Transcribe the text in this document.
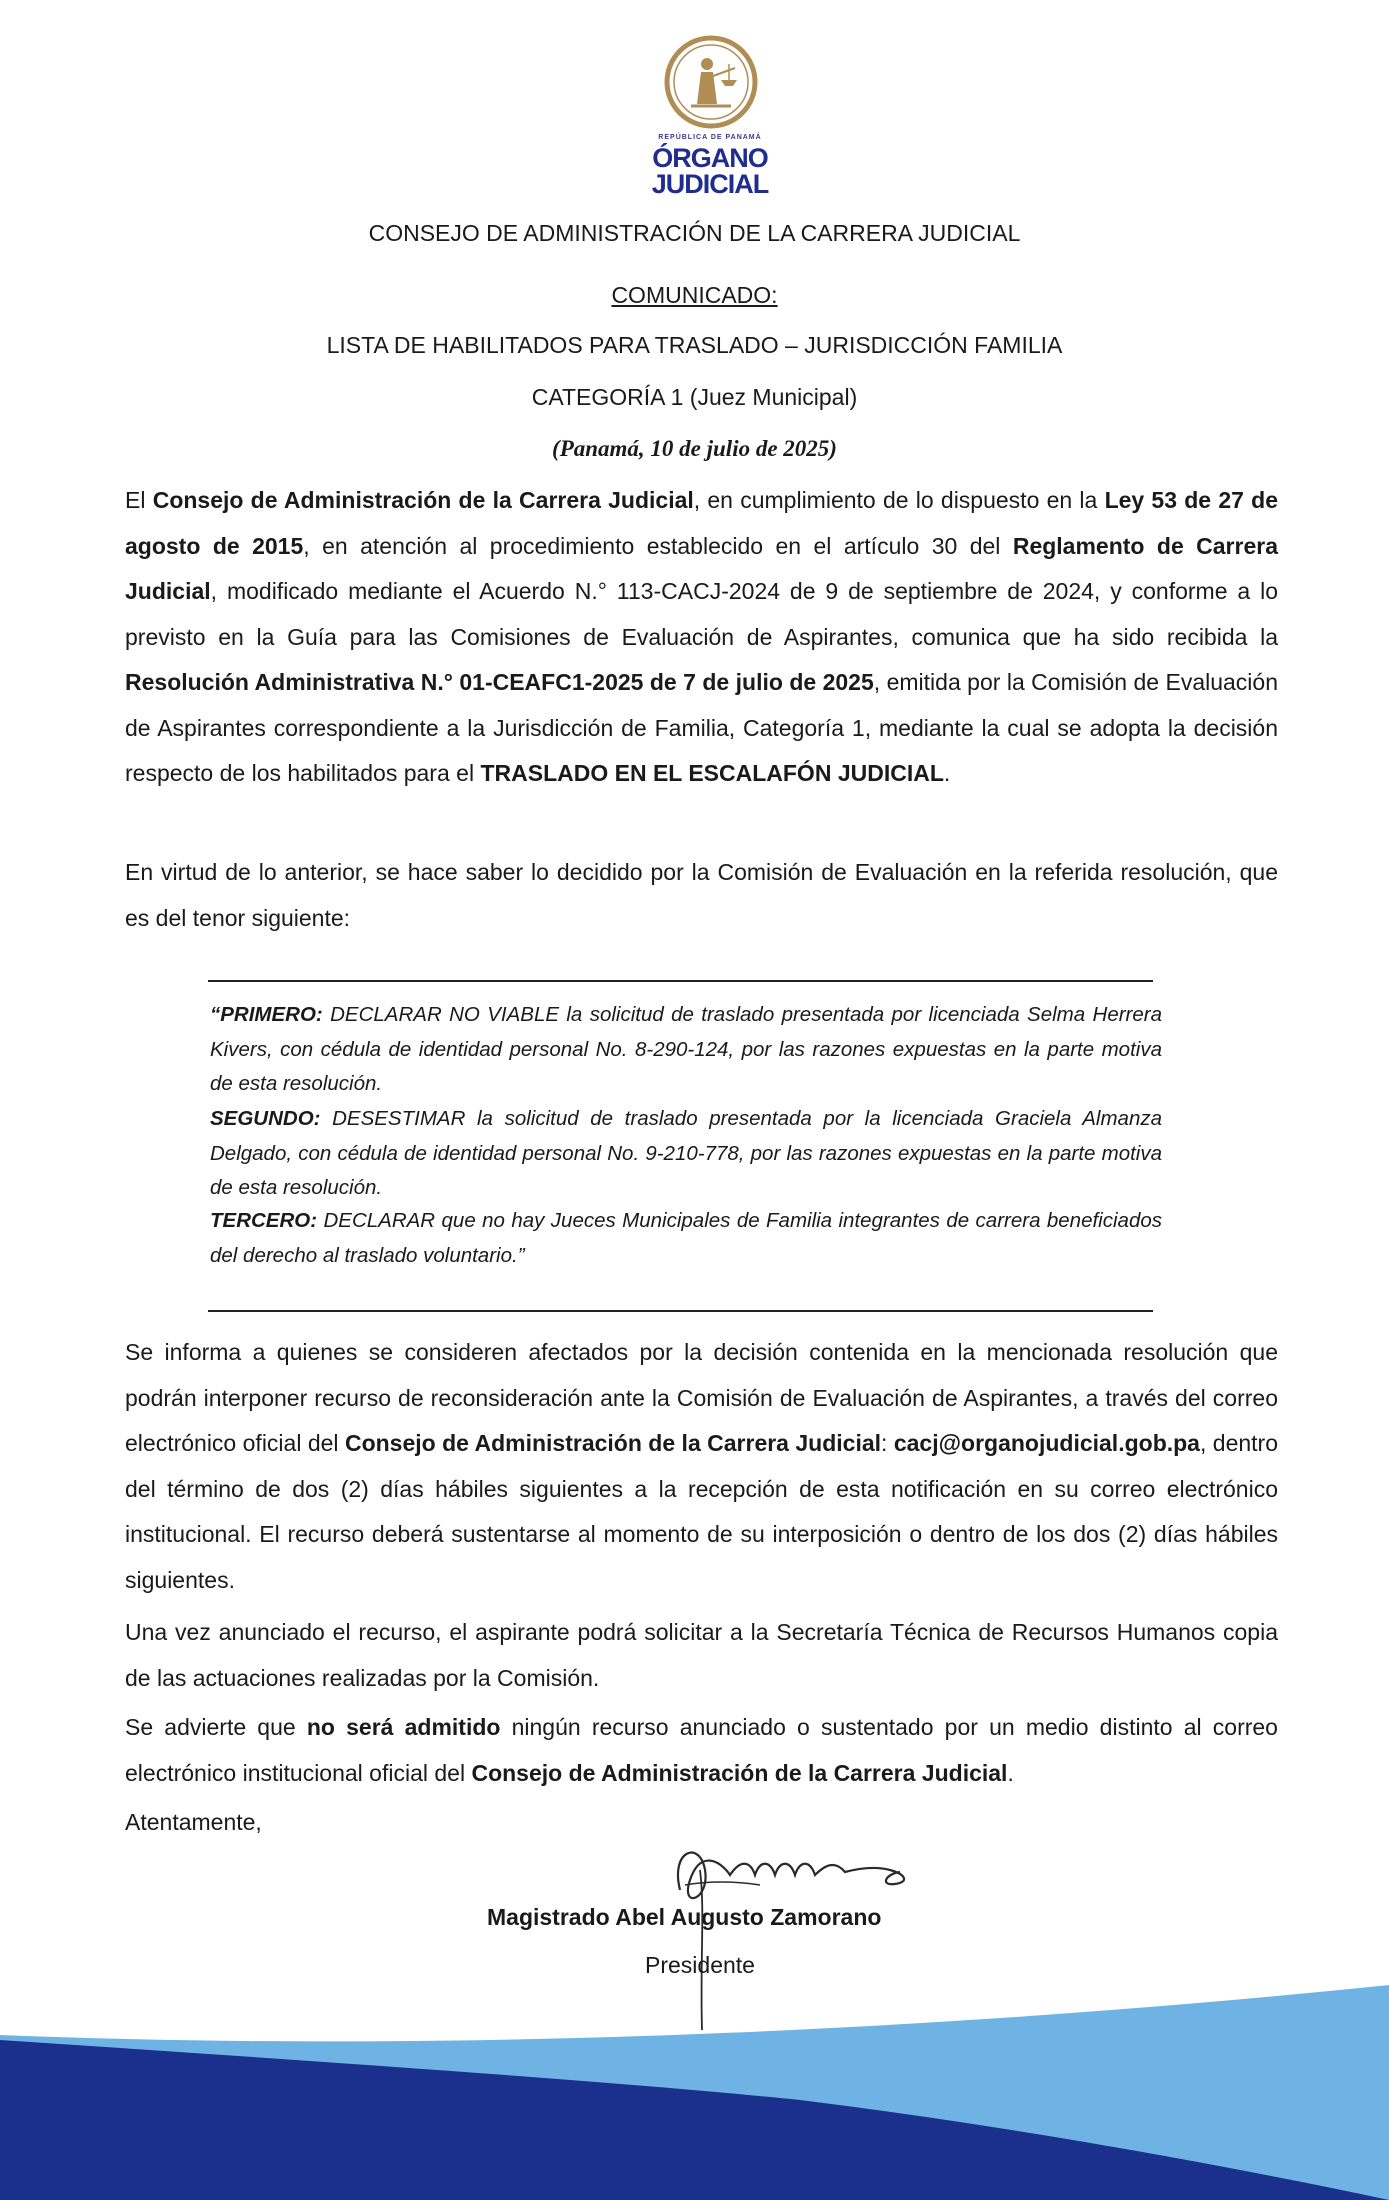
REPÚBLICA DE PANAMÁ
ÓRGANO
JUDICIAL
CONSEJO DE ADMINISTRACIÓN DE LA CARRERA JUDICIAL
COMUNICADO:
LISTA DE HABILITADOS PARA TRASLADO – JURISDICCIÓN FAMILIA
CATEGORÍA 1 (Juez Municipal)
(Panamá, 10 de julio de 2025)

El Consejo de Administración de la Carrera Judicial, en cumplimiento de lo dispuesto en la Ley 53 de 27 de agosto de 2015, en atención al procedimiento establecido en el artículo 30 del Reglamento de Carrera Judicial, modificado mediante el Acuerdo N.° 113-CACJ-2024 de 9 de septiembre de 2024, y conforme a lo previsto en la Guía para las Comisiones de Evaluación de Aspirantes, comunica que ha sido recibida la Resolución Administrativa N.° 01-CEAFC1-2025 de 7 de julio de 2025, emitida por la Comisión de Evaluación de Aspirantes correspondiente a la Jurisdicción de Familia, Categoría 1, mediante la cual se adopta la decisión respecto de los habilitados para el TRASLADO EN EL ESCALAFÓN JUDICIAL.

En virtud de lo anterior, se hace saber lo decidido por la Comisión de Evaluación en la referida resolución, que es del tenor siguiente:

“PRIMERO: DECLARAR NO VIABLE la solicitud de traslado presentada por licenciada Selma Herrera Kivers, con cédula de identidad personal No. 8-290-124, por las razones expuestas en la parte motiva de esta resolución.

SEGUNDO: DESESTIMAR la solicitud de traslado presentada por la licenciada Graciela Almanza Delgado, con cédula de identidad personal No. 9-210-778, por las razones expuestas en la parte motiva de esta resolución.

TERCERO: DECLARAR que no hay Jueces Municipales de Familia integrantes de carrera beneficiados del derecho al traslado voluntario.”

Se informa a quienes se consideren afectados por la decisión contenida en la mencionada resolución que podrán interponer recurso de reconsideración ante la Comisión de Evaluación de Aspirantes, a través del correo electrónico oficial del Consejo de Administración de la Carrera Judicial: cacj@organojudicial.gob.pa, dentro del término de dos (2) días hábiles siguientes a la recepción de esta notificación en su correo electrónico institucional. El recurso deberá sustentarse al momento de su interposición o dentro de los dos (2) días hábiles siguientes.

Una vez anunciado el recurso, el aspirante podrá solicitar a la Secretaría Técnica de Recursos Humanos copia de las actuaciones realizadas por la Comisión.

Se advierte que no será admitido ningún recurso anunciado o sustentado por un medio distinto al correo electrónico institucional oficial del Consejo de Administración de la Carrera Judicial.

Atentamente,

Magistrado Abel Augusto Zamorano
Presidente
